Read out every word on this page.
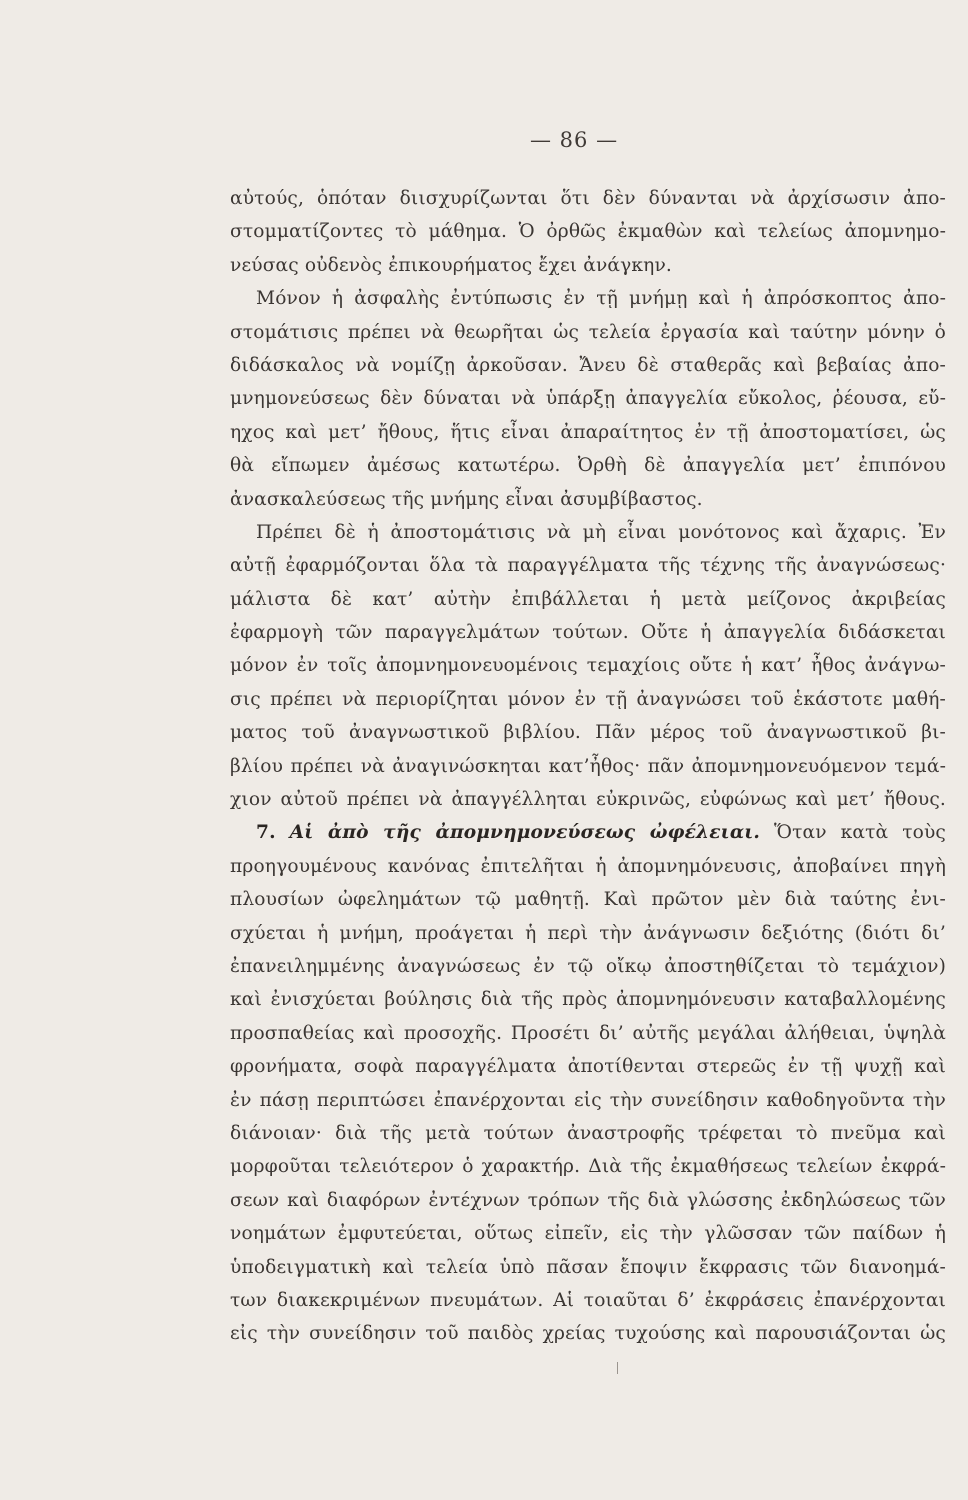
— 86 —
αὐτούς, ὁπόταν διισχυρίζωνται ὅτι δὲν δύνανται νὰ ἀρχίσωσιν ἀπο-
στομματίζοντες τὸ μάθημα. Ὁ ὀρθῶς ἐκμαθὼν καὶ τελείως ἀπομνημο-
νεύσας οὐδενὸς ἐπικουρήματος ἔχει ἀνάγκην.
Μόνον ἡ ἀσφαλὴς ἐντύπωσις ἐν τῇ μνήμῃ καὶ ἡ ἀπρόσκοπτος ἀπο-
στομάτισις πρέπει νὰ θεωρῆται ὡς τελεία ἐργασία καὶ ταύτην μόνην ὁ
διδάσκαλος νὰ νομίζῃ ἀρκοῦσαν. Ἄνευ δὲ σταθερᾶς καὶ βεβαίας ἀπο-
μνημονεύσεως δὲν δύναται νὰ ὑπάρξῃ ἀπαγγελία εὔκολος, ῥέουσα, εὔ-
ηχος καὶ μετ’ ἤθους, ἥτις εἶναι ἀπαραίτητος ἐν τῇ ἀποστοματίσει, ὡς
θὰ εἴπωμεν ἀμέσως κατωτέρω. Ὀρθὴ δὲ ἀπαγγελία μετ’ ἐπιπόνου
ἀνασκαλεύσεως τῆς μνήμης εἶναι ἀσυμβίβαστος.
Πρέπει δὲ ἡ ἀποστομάτισις νὰ μὴ εἶναι μονότονος καὶ ἄχαρις. Ἐν
αὐτῇ ἐφαρμόζονται ὅλα τὰ παραγγέλματα τῆς τέχνης τῆς ἀναγνώσεως·
μάλιστα δὲ κατ’ αὐτὴν ἐπιβάλλεται ἡ μετὰ μείζονος ἀκριβείας
ἐφαρμογὴ τῶν παραγγελμάτων τούτων. Οὔτε ἡ ἀπαγγελία διδάσκεται
μόνον ἐν τοῖς ἀπομνημονευομένοις τεμαχίοις οὔτε ἡ κατ’ ἦθος ἀνάγνω-
σις πρέπει νὰ περιορίζηται μόνον ἐν τῇ ἀναγνώσει τοῦ ἑκάστοτε μαθή-
ματος τοῦ ἀναγνωστικοῦ βιβλίου. Πᾶν μέρος τοῦ ἀναγνωστικοῦ βι-
βλίου πρέπει νὰ ἀναγινώσκηται κατ’ἦθος· πᾶν ἀπομνημονευόμενον τεμά-
χιον αὐτοῦ πρέπει νὰ ἀπαγγέλληται εὐκρινῶς, εὐφώνως καὶ μετ’ ἤθους.
7. Αἱ ἀπὸ τῆς ἀπομνημονεύσεως ὠφέλειαι. Ὅταν κατὰ τοὺς
προηγουμένους κανόνας ἐπιτελῆται ἡ ἀπομνημόνευσις, ἀποβαίνει πηγὴ
πλουσίων ὠφελημάτων τῷ μαθητῇ. Καὶ πρῶτον μὲν διὰ ταύτης ἐνι-
σχύεται ἡ μνήμη, προάγεται ἡ περὶ τὴν ἀνάγνωσιν δεξιότης (διότι δι’
ἐπανειλημμένης ἀναγνώσεως ἐν τῷ οἴκῳ ἀποστηθίζεται τὸ τεμάχιον)
καὶ ἐνισχύεται βούλησις διὰ τῆς πρὸς ἀπομνημόνευσιν καταβαλλομένης
προσπαθείας καὶ προσοχῆς. Προσέτι δι’ αὐτῆς μεγάλαι ἀλήθειαι, ὑψηλὰ
φρονήματα, σοφὰ παραγγέλματα ἀποτίθενται στερεῶς ἐν τῇ ψυχῇ καὶ
ἐν πάσῃ περιπτώσει ἐπανέρχονται εἰς τὴν συνείδησιν καθοδηγοῦντα τὴν
διάνοιαν· διὰ τῆς μετὰ τούτων ἀναστροφῆς τρέφεται τὸ πνεῦμα καὶ
μορφοῦται τελειότερον ὁ χαρακτήρ. Διὰ τῆς ἐκμαθήσεως τελείων ἐκφρά-
σεων καὶ διαφόρων ἐντέχνων τρόπων τῆς διὰ γλώσσης ἐκδηλώσεως τῶν
νοημάτων ἐμφυτεύεται, οὕτως εἰπεῖν, εἰς τὴν γλῶσσαν τῶν παίδων ἡ
ὑποδειγματικὴ καὶ τελεία ὑπὸ πᾶσαν ἔποψιν ἔκφρασις τῶν διανοημά-
των διακεκριμένων πνευμάτων. Αἱ τοιαῦται δ’ ἐκφράσεις ἐπανέρχονται
εἰς τὴν συνείδησιν τοῦ παιδὸς χρείας τυχούσης καὶ παρουσιάζονται ὡς
